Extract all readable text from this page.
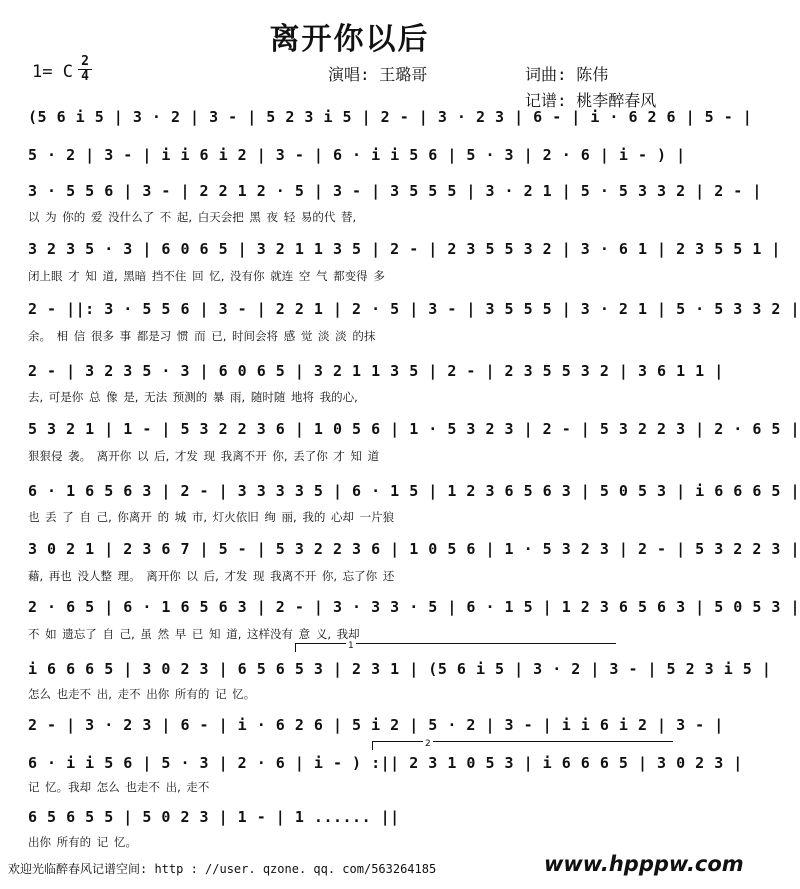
离开你以后
1= C
2
4	演唱: 王璐哥	词曲: 陈伟
记谱: 桃李醉春风
(5 6 i 5 | 3 · 2 | 3 - | 5 2 3 i 5 | 2 - | 3 · 2 3 | 6 - | i · 6 2 6 | 5 - |
5 · 2 | 3 - | i i 6 i 2 | 3 - | 6 · i i 5 6 | 5 · 3 | 2 · 6 | i - ) |
3 · 5 5 6 | 3 - | 2 2 1 2 · 5 | 3 - | 3 5 5 5 | 3 · 2 1 | 5 · 5 3 3 2 | 2 - |
以 为 你的 爱 没什么了 不 起, 白天会把 黑 夜 轻 易的代 替,
3 2 3 5 · 3 | 6 0 6 5 | 3 2 1 1 3 5 | 2 - | 2 3 5 5 3 2 | 3 · 6 1 | 2 3 5 5 1 |
闭上眼 才 知 道, 黑暗 挡不住 回 忆, 没有你 就连 空 气 都变得 多
2 - ||: 3 · 5 5 6 | 3 - | 2 2 1 | 2 · 5 | 3 - | 3 5 5 5 | 3 · 2 1 | 5 · 5 3 3 2 |
余。 相 信 很多 事 都是习 惯 而 已, 时间会将 感 觉 淡 淡 的抹
2 - | 3 2 3 5 · 3 | 6 0 6 5 | 3 2 1 1 3 5 | 2 - | 2 3 5 5 3 2 | 3 6 1 1 |
去, 可是你 总 像 是, 无法 预测的 暴 雨, 随时随 地将 我的心,
5 3 2 1 | 1 - | 5 3 2 2 3 6 | 1 0 5 6 | 1 · 5 3 2 3 | 2 - | 5 3 2 2 3 | 2 · 6 5 |
狠狠侵 袭。 离开你 以 后, 才发 现 我离不开 你, 丢了你 才 知 道
6 · 1 6 5 6 3 | 2 - | 3 3 3 3 5 | 6 · 1 5 | 1 2 3 6 5 6 3 | 5 0 5 3 | i 6 6 6 5 |
也 丢 了 自 己, 你离开 的 城 市, 灯火依旧 绚 丽, 我的 心却 一片狼
3 0 2 1 | 2 3 6 7 | 5 - | 5 3 2 2 3 6 | 1 0 5 6 | 1 · 5 3 2 3 | 2 - | 5 3 2 2 3 |
藉, 再也 没人整 理。 离开你 以 后, 才发 现 我离不开 你, 忘了你 还
2 · 6 5 | 6 · 1 6 5 6 3 | 2 - | 3 · 3 3 · 5 | 6 · 1 5 | 1 2 3 6 5 6 3 | 5 0 5 3 |
不 如 遗忘了 自 己, 虽 然 早 已 知 道, 这样没有 意 义, 我却
$^1$
i 6 6 6 5 | 3 0 2 3 | 6 5 6 5 3 | 2 3 1 | (5 6 i 5 | 3 · 2 | 3 - | 5 2 3 i 5 |
怎么 也走不 出, 走不 出你 所有的 记 忆。
2 - | 3 · 2 3 | 6 - | i · 6 2 6 | 5 i 2 | 5 · 2 | 3 - | i i 6 i 2 | 3 - |
$^2$
6 · i i 5 6 | 5 · 3 | 2 · 6 | i - ) :|| 2 3 1 0 5 3 | i 6 6 6 5 | 3 0 2 3 |
记 忆。我却 怎么 也走不 出, 走不
6 5 6 5 5 | 5 0 2 3 | 1 - | 1 ...... ||
出你 所有的 记 忆。
欢迎光临醉春风记谱空间: http : //user. qzone. qq. com/563264185	www.hpppw.com
